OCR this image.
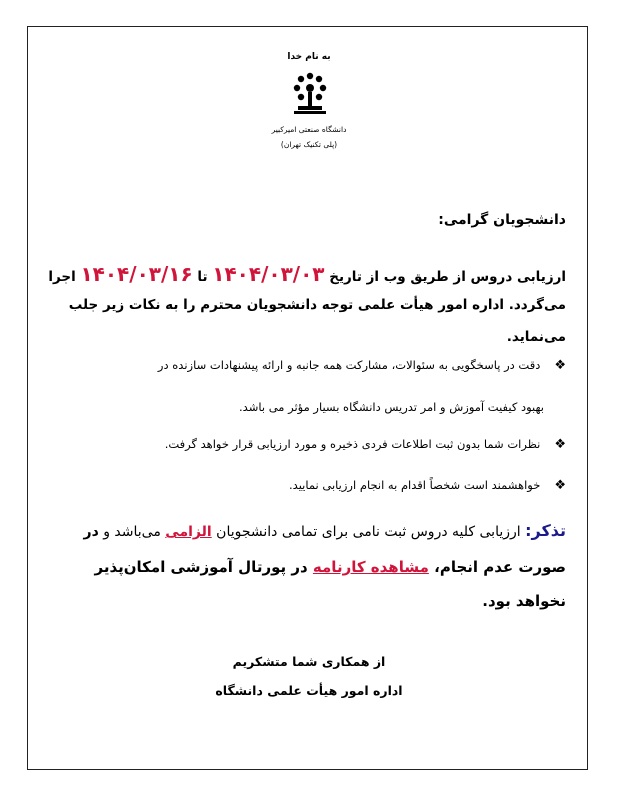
به نام خدا
دانشگاه صنعتی امیرکبیر
(پلی تکنیک تهران)
دانشجویان گرامی:
ارزیابی دروس از طریق وب از تاریخ ۱۴۰۴/۰۳/۰۳ تا ۱۴۰۴/۰۳/۱۶ اجرا
می‌گردد. اداره امور هیأت علمی توجه دانشجویان محترم را به نکات زیر جلب
می‌نماید.
❖ دقت در پاسخگویی به سئوالات، مشارکت همه جانبه و ارائه پیشنهادات سازنده در
بهبود کیفیت آموزش و امر تدریس دانشگاه بسیار مؤثر می باشد.
❖ نظرات شما بدون ثبت اطلاعات فردی ذخیره و مورد ارزیابی قرار خواهد گرفت.
❖ خواهشمند است شخصاً اقدام به انجام ارزیابی نمایید.
تذکر: ارزیابی کلیه دروس ثبت نامی برای تمامی دانشجویان الزامی می‌باشد و در
صورت عدم انجام، مشاهده کارنامه در پورتال آموزشی امکان‌پذیر
نخواهد بود.
از همکاری شما متشکریم
اداره امور هیأت علمی دانشگاه
